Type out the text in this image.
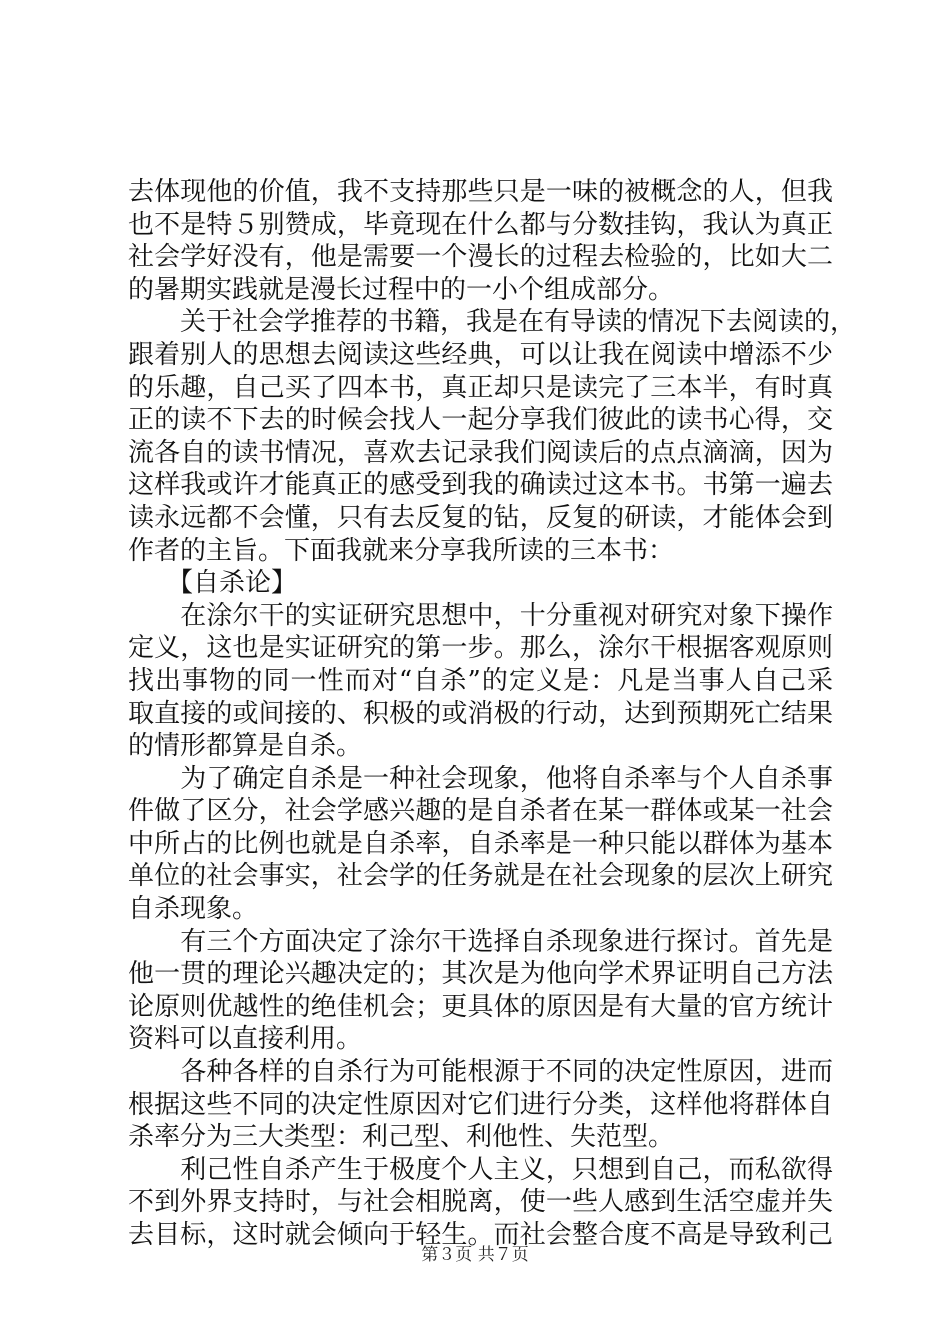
去体现他的价值，我不支持那些只是一味的被概念的人，但我
也不是特５别赞成，毕竟现在什么都与分数挂钩，我认为真正
社会学好没有，他是需要一个漫长的过程去检验的，比如大二
的暑期实践就是漫长过程中的一小个组成部分。
　　关于社会学推荐的书籍，我是在有导读的情况下去阅读的，
跟着别人的思想去阅读这些经典，可以让我在阅读中增添不少
的乐趣，自己买了四本书，真正却只是读完了三本半，有时真
正的读不下去的时候会找人一起分享我们彼此的读书心得，交
流各自的读书情况，喜欢去记录我们阅读后的点点滴滴，因为
这样我或许才能真正的感受到我的确读过这本书。书第一遍去
读永远都不会懂，只有去反复的钻，反复的研读，才能体会到
作者的主旨。下面我就来分享我所读的三本书：
　　【自杀论】
　　在涂尔干的实证研究思想中，十分重视对研究对象下操作
定义，这也是实证研究的第一步。那么，涂尔干根据客观原则
找出事物的同一性而对“自杀”的定义是：凡是当事人自己采
取直接的或间接的、积极的或消极的行动，达到预期死亡结果
的情形都算是自杀。
　　为了确定自杀是一种社会现象，他将自杀率与个人自杀事
件做了区分，社会学感兴趣的是自杀者在某一群体或某一社会
中所占的比例也就是自杀率，自杀率是一种只能以群体为基本
单位的社会事实，社会学的任务就是在社会现象的层次上研究
自杀现象。
　　有三个方面决定了涂尔干选择自杀现象进行探讨。首先是
他一贯的理论兴趣决定的；其次是为他向学术界证明自己方法
论原则优越性的绝佳机会；更具体的原因是有大量的官方统计
资料可以直接利用。
　　各种各样的自杀行为可能根源于不同的决定性原因，进而
根据这些不同的决定性原因对它们进行分类，这样他将群体自
杀率分为三大类型：利己型、利他性、失范型。
　　利己性自杀产生于极度个人主义，只想到自己，而私欲得
不到外界支持时，与社会相脱离，使一些人感到生活空虚并失
去目标，这时就会倾向于轻生。而社会整合度不高是导致利己
第３页 共７页
